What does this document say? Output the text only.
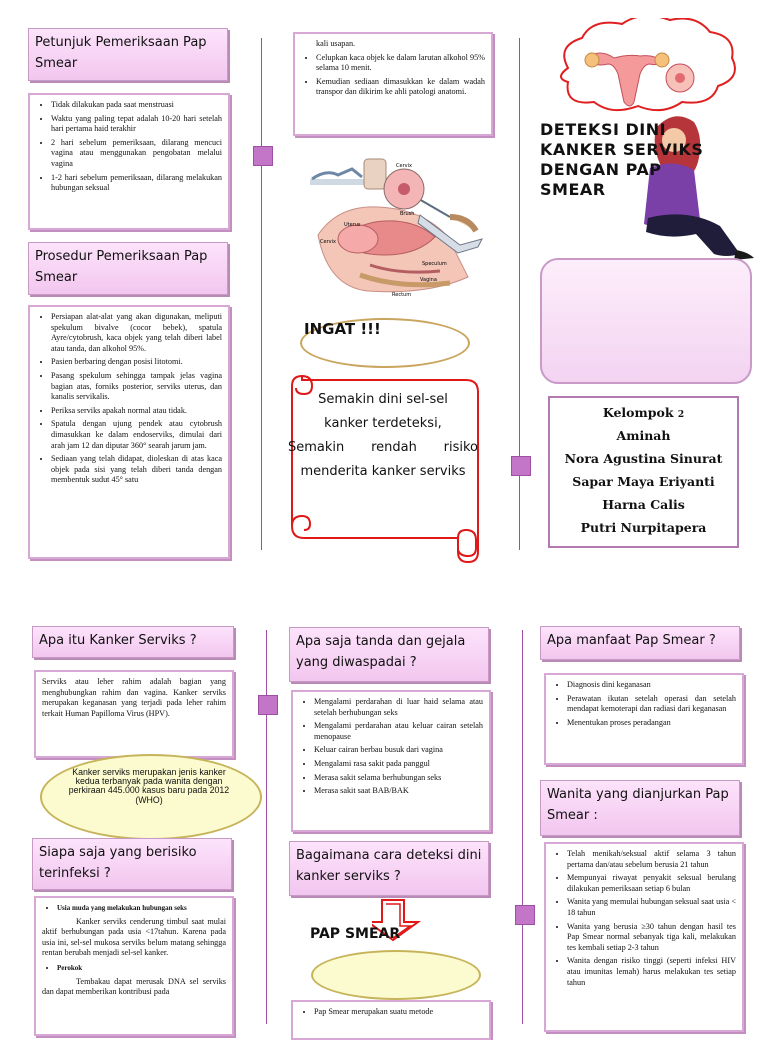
Petunjuk Pemeriksaan Pap Smear
• Tidak dilakukan pada saat menstruasi
• Waktu yang paling tepat adalah 10-20 hari setelah hari pertama haid terakhir
• 2 hari sebelum pemeriksaan, dilarang mencuci vagina atau menggunakan pengobatan melalui vagina
• 1-2 hari sebelum pemeriksaan, dilarang melakukan hubungan seksual
Prosedur Pemeriksaan Pap Smear
• Persiapan alat-alat yang akan digunakan, meliputi spekulum bivalve (cocor bebek), spatula Ayre/cytobrush, kaca objek yang telah diberi label atau tanda, dan alkohol 95%.
• Pasien berbaring dengan posisi litotomi.
• Pasang spekulum sehingga tampak jelas vagina bagian atas, forniks posterior, serviks uterus, dan kanalis servikalis.
• Periksa serviks apakah normal atau tidak.
• Spatula dengan ujung pendek atau cytobrush dimasukkan ke dalam endoserviks, dimulai dari arah jam 12 dan diputar 360° searah jarum jam.
• Sediaan yang telah didapat, dioleskan di atas kaca objek pada sisi yang telah diberi tanda dengan membentuk sudut 45° satu

kali usapan.

• Celupkan kaca objek ke dalam larutan alkohol 95% selama 10 menit.
• Kemudian sediaan dimasukkan ke dalam wadah transpor dan dikirim ke ahli patologi anatomi.
Cervix
Uterus
Speculum
Vagina
Rectum
Brush
Cervix
INGAT !!!
Semakin dini sel-sel
kanker terdeteksi,
Semakin rendah risiko
menderita kanker serviks
DETEKSI DINI
KANKER SERVIKS
DENGAN PAP
SMEAR
Kelompok 2
Aminah
Nora Agustina Sinurat
Sapar Maya Eriyanti
Harna Calis
Putri Nurpitapera
Apa itu Kanker Serviks ?

Serviks atau leher rahim adalah bagian yang menghubungkan rahim dan vagina. Kanker serviks merupakan keganasan yang terjadi pada leher rahim terkait Human Papilloma Virus (HPV).

Kanker serviks merupakan jenis kanker
kedua terbanyak pada wanita dengan
perkiraan 445.000 kasus baru pada 2012
(WHO)
Siapa saja yang berisiko terinfeksi ?
• Usia muda yang melakukan hubungan seks

Kanker serviks cenderung timbul saat mulai aktif berhubungan pada usia <17tahun. Karena pada usia ini, sel-sel mukosa serviks belum matang sehingga rentan berubah menjadi sel-sel kanker.

• Perokok

Tembakau dapat merusak DNA sel serviks dan dapat memberikan kontribusi pada

Apa saja tanda dan gejala yang diwaspadai ?
• Mengalami perdarahan di luar haid selama atau setelah berhubungan seks
• Mengalami perdarahan atau keluar cairan setelah menopause
• Keluar cairan berbau busuk dari vagina
• Mengalami rasa sakit pada panggul
• Merasa sakit selama berhubungan seks
• Merasa sakit saat BAB/BAK
Bagaimana cara deteksi dini kanker serviks ?
PAP SMEAR
• Pap Smear merupakan suatu metode
Apa manfaat Pap Smear ?
• Diagnosis dini keganasan
• Perawatan ikutan setelah operasi dan setelah mendapat kemoterapi dan radiasi dari keganasan
• Menentukan proses peradangan
Wanita yang dianjurkan Pap Smear :
• Telah menikah/seksual aktif selama 3 tahun pertama dan/atau sebelum berusia 21 tahun
• Mempunyai riwayat penyakit seksual berulang dilakukan pemeriksaan setiap 6 bulan
• Wanita yang memulai hubungan seksual saat usia < 18 tahun
• Wanita yang berusia ≥30 tahun dengan hasil tes Pap Smear normal sebanyak tiga kali, melakukan tes kembali setiap 2-3 tahun
• Wanita dengan risiko tinggi (seperti infeksi HIV atau imunitas lemah) harus melakukan tes setiap tahun
